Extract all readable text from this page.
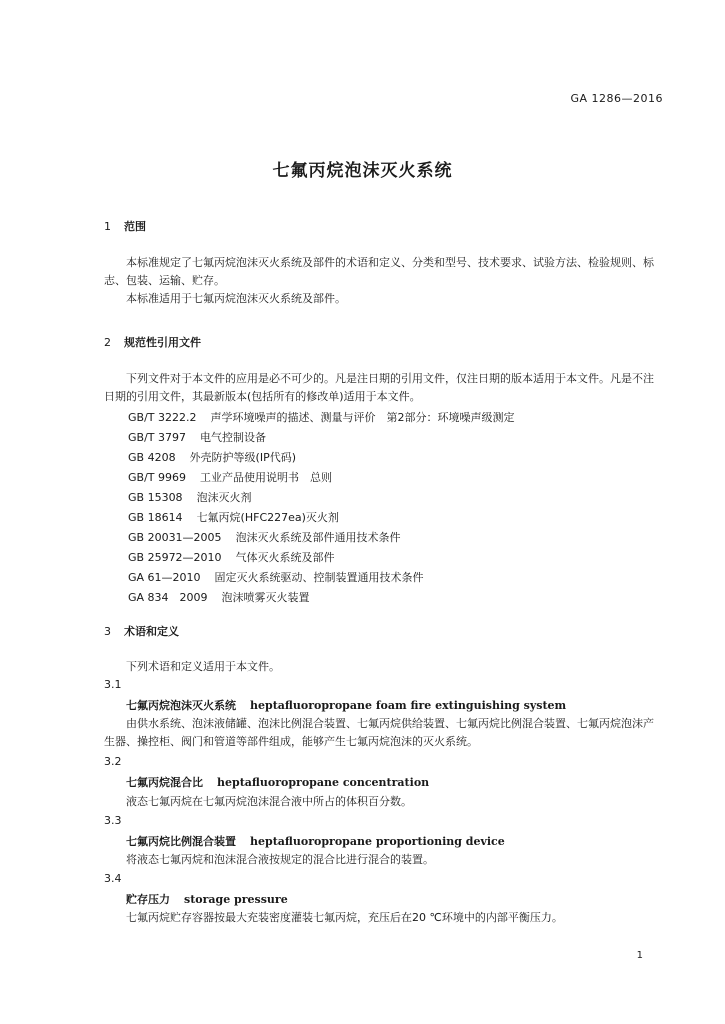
GA 1286—2016
七氟丙烷泡沫灭火系统
1 范围
本标准规定了七氟丙烷泡沫灭火系统及部件的术语和定义、分类和型号、技术要求、试验方法、检验规则、标志、包装、运输、贮存。
本标准适用于七氟丙烷泡沫灭火系统及部件。
2 规范性引用文件
下列文件对于本文件的应用是必不可少的。凡是注日期的引用文件，仅注日期的版本适用于本文件。凡是不注日期的引用文件，其最新版本(包括所有的修改单)适用于本文件。
GB/T 3222.2 声学环境噪声的描述、测量与评价　第2部分：环境噪声级测定
GB/T 3797 电气控制设备
GB 4208 外壳防护等级(IP代码)
GB/T 9969 工业产品使用说明书　总则
GB 15308 泡沫灭火剂
GB 18614 七氟丙烷(HFC227ea)灭火剂
GB 20031—2005 泡沫灭火系统及部件通用技术条件
GB 25972—2010 气体灭火系统及部件
GA 61—2010 固定灭火系统驱动、控制装置通用技术条件
GA 834　2009 泡沫喷雾灭火装置
3 术语和定义
下列术语和定义适用于本文件。
3.1
七氟丙烷泡沫灭火系统 heptafluoropropane foam fire extinguishing system
由供水系统、泡沫液储罐、泡沫比例混合装置、七氟丙烷供给装置、七氟丙烷比例混合装置、七氟丙烷泡沫产生器、操控柜、阀门和管道等部件组成，能够产生七氟丙烷泡沫的灭火系统。
3.2
七氟丙烷混合比 heptafluoropropane concentration
液态七氟丙烷在七氟丙烷泡沫混合液中所占的体积百分数。
3.3
七氟丙烷比例混合装置 heptafluoropropane proportioning device
将液态七氟丙烷和泡沫混合液按规定的混合比进行混合的装置。
3.4
贮存压力 storage pressure
七氟丙烷贮存容器按最大充装密度灌装七氟丙烷，充压后在20 ℃环境中的内部平衡压力。
1
